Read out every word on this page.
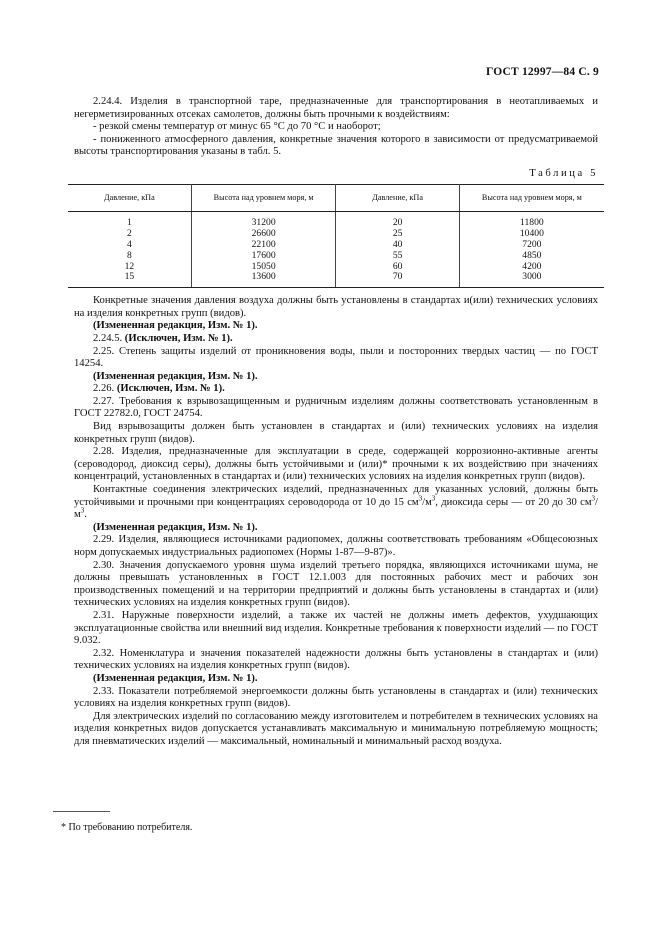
ГОСТ 12997—84 С. 9

2.24.4. Изделия в транспортной таре, предназначенные для транспортирования в неотапливаемых и негерметизированных отсеках самолетов, должны быть прочными к воздействиям:

- резкой смены температур от минус 65 °С до 70 °С и наоборот;

- пониженного атмосферного давления, конкретные значения которого в зависимости от предусматриваемой высоты транспортирования указаны в табл. 5.

Таблица 5
Давление, кПа	Высота над уровнем моря, м	Давление, кПа	Высота над уровнем моря, м
1	31200	20	11800
2	26600	25	10400
4	22100	40	7200
8	17600	55	4850
12	15050	60	4200
15	13600	70	3000

Конкретные значения давления воздуха должны быть установлены в стандартах и(или) технических условиях на изделия конкретных групп (видов).

(Измененная редакция, Изм. № 1).

2.24.5. (Исключен, Изм. № 1).

2.25. Степень защиты изделий от проникновения воды, пыли и посторонних твердых частиц — по ГОСТ 14254.

(Измененная редакция, Изм. № 1).

2.26. (Исключен, Изм. № 1).

2.27. Требования к взрывозащищенным и рудничным изделиям должны соответствовать установленным в ГОСТ 22782.0, ГОСТ 24754.

Вид взрывозащиты должен быть установлен в стандартах и (или) технических условиях на изделия конкретных групп (видов).

2.28. Изделия, предназначенные для эксплуатации в среде, содержащей коррозионно-активные агенты (сероводород, диоксид серы), должны быть устойчивыми и (или)* прочными к их воздействию при значениях концентраций, установленных в стандартах и (или) технических условиях на изделия конкретных групп (видов).

Контактные соединения электрических изделий, предназначенных для указанных условий, должны быть устойчивыми и прочными при концентрациях сероводорода от 10 до 15 $см^3/м^3$, диоксида серы — от 20 до 30 $см^3/м^3$.

(Измененная редакция, Изм. № 1).

2.29. Изделия, являющиеся источниками радиопомех, должны соответствовать требованиям «Общесоюзных норм допускаемых индустриальных радиопомех (Нормы 1-87—9-87)».

2.30. Значения допускаемого уровня шума изделий третьего порядка, являющихся источниками шума, не должны превышать установленных в ГОСТ 12.1.003 для постоянных рабочих мест и рабочих зон производственных помещений и на территории предприятий и должны быть установлены в стандартах и (или) технических условиях на изделия конкретных групп (видов).

2.31. Наружные поверхности изделий, а также их частей не должны иметь дефектов, ухудшающих эксплуатационные свойства или внешний вид изделия. Конкретные требования к поверхности изделий — по ГОСТ 9.032.

2.32. Номенклатура и значения показателей надежности должны быть установлены в стандартах и (или) технических условиях на изделия конкретных групп (видов).

(Измененная редакция, Изм. № 1).

2.33. Показатели потребляемой энергоемкости должны быть установлены в стандартах и (или) технических условиях на изделия конкретных групп (видов).

Для электрических изделий по согласованию между изготовителем и потребителем в технических условиях на изделия конкретных видов допускается устанавливать максимальную и минимальную потребляемую мощность; для пневматических изделий — максимальный, номинальный и минимальный расход воздуха.

* По требованию потребителя.
